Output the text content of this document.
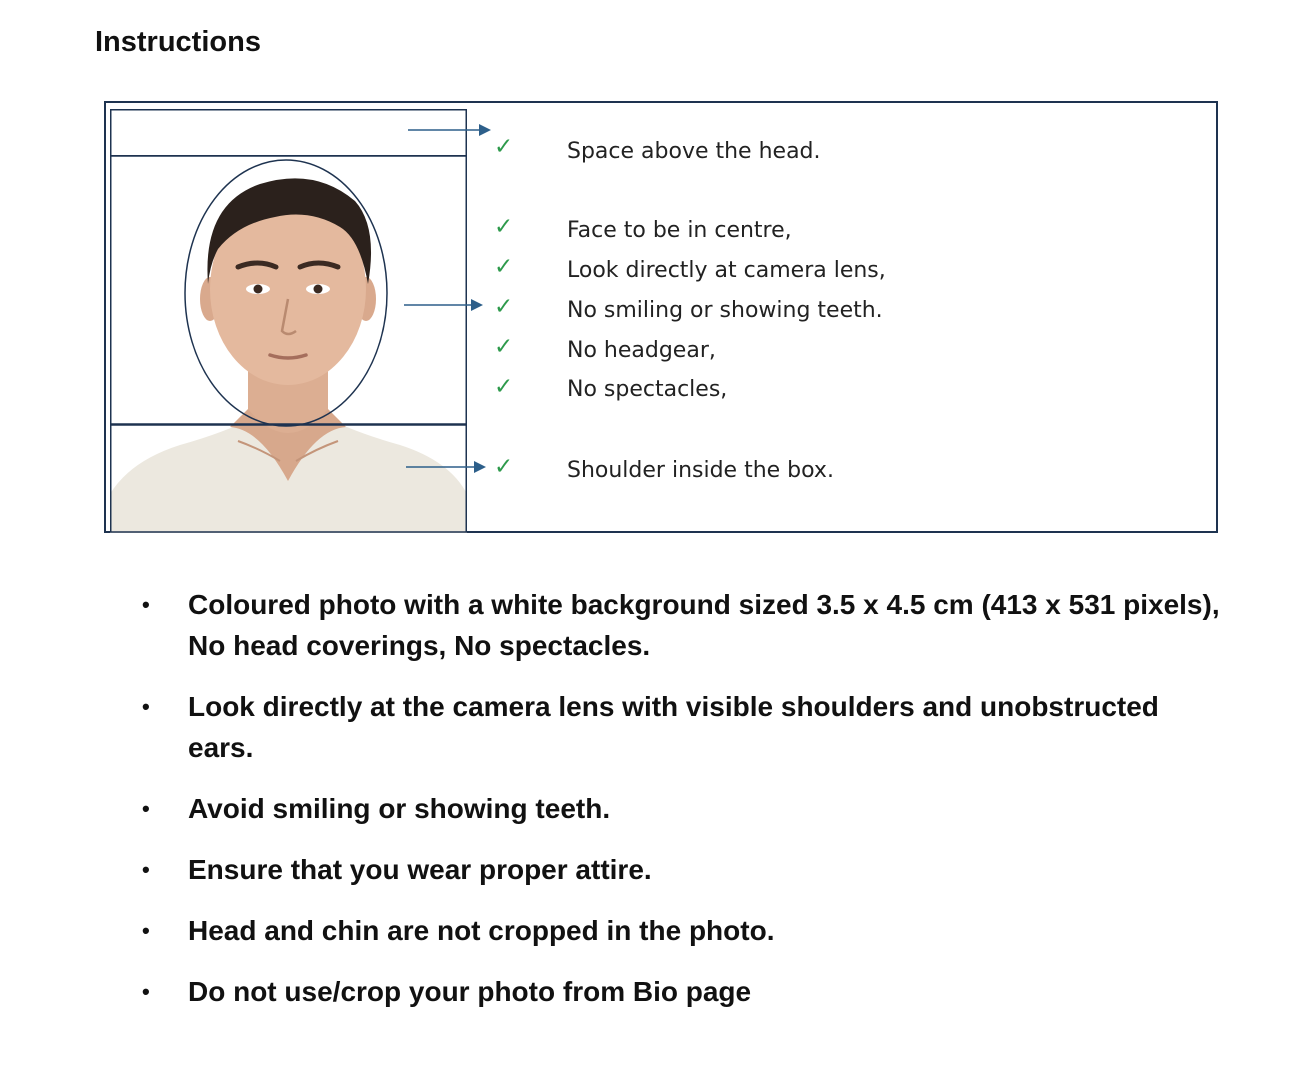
Instructions
✓
✓
✓
✓
✓
✓
✓
Space above the head.
Face to be in centre,
Look directly at camera lens,
No smiling or showing teeth.
No headgear,
No spectacles,
Shoulder inside the box.
• Coloured photo with a white background sized 3.5 x 4.5 cm (413 x 531 pixels), No head coverings, No spectacles.
• Look directly at the camera lens with visible shoulders and unobstructed ears.
• Avoid smiling or showing teeth.
• Ensure that you wear proper attire.
• Head and chin are not cropped in the photo.
• Do not use/crop your photo from Bio page
